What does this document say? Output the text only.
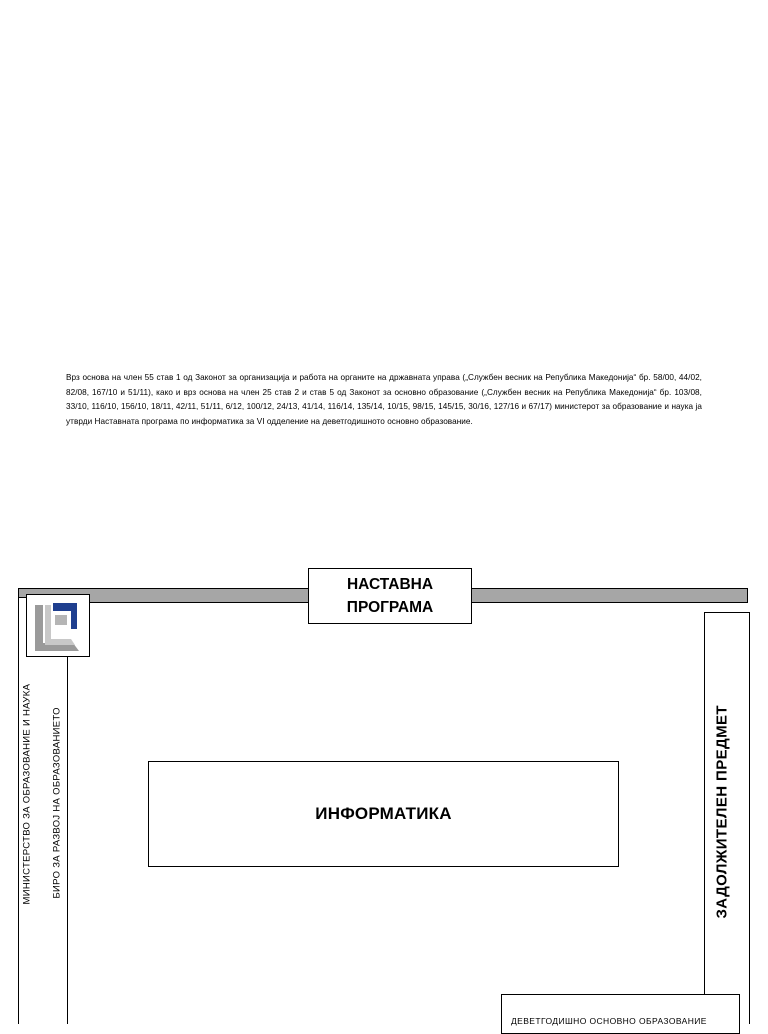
Врз основа на член 55 став 1 од Законот за организација и работа на органите на државната управа („Службен весник на Република Македонија“ бр. 58/00, 44/02, 82/08, 167/10 и 51/11), како и врз основа на член 25 став 2 и став 5 од Законот за основно образование („Службен весник на Република Македонија“ бр. 103/08, 33/10, 116/10, 156/10, 18/11, 42/11, 51/11, 6/12, 100/12, 24/13, 41/14, 116/14, 135/14, 10/15, 98/15, 145/15, 30/16, 127/16 и 67/17) министерот за образование и наука ја утврди Наставната програма по информатика за VI одделение на деветгодишното основно образование.
НАСТАВНА
ПРОГРАМА
МИНИСТЕРСТВО ЗА ОБРАЗОВАНИЕ И НАУКА БИРО ЗА РАЗВОЈ НА ОБРАЗОВАНИЕТО	ЗАДОЛЖИТЕЛЕН ПРЕДМЕТ
ИНФОРМАТИКА
ДЕВЕТГОДИШНО ОСНОВНО ОБРАЗОВАНИЕ
